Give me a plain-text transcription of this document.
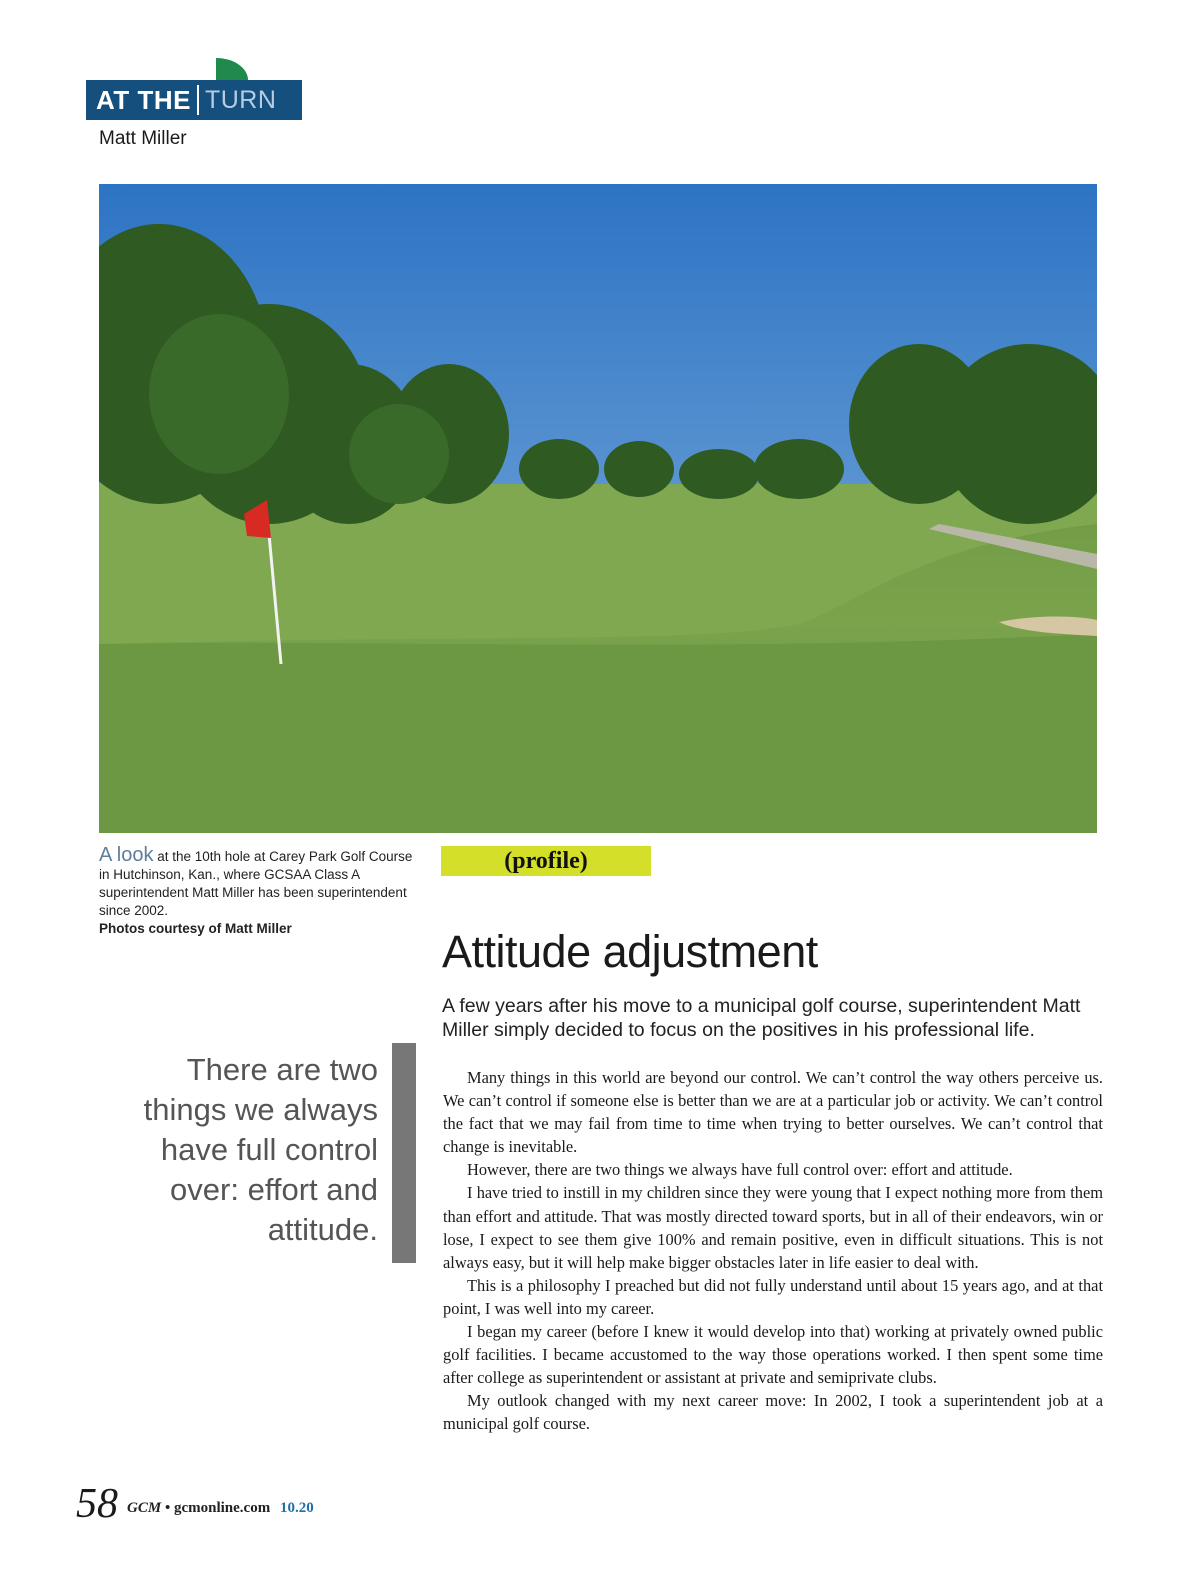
AT THE TURN
Matt Miller
A look at the 10th hole at Carey Park Golf Course in Hutchinson, Kan., where GCSAA Class A superintendent Matt Miller has been superintendent since 2002.
Photos courtesy of Matt Miller
(profile)
Attitude adjustment
A few years after his move to a municipal golf course, superintendent Matt Miller simply decided to focus on the positives in his professional life.
There are two things we always have full control over: effort and attitude.

Many things in this world are beyond our control. We can’t control the way others perceive us. We can’t control if someone else is better than we are at a particular job or activity. We can’t control the fact that we may fail from time to time when trying to better ourselves. We can’t control that change is inevitable.

However, there are two things we always have full control over: effort and attitude.

I have tried to instill in my children since they were young that I expect nothing more from them than effort and attitude. That was mostly directed toward sports, but in all of their endeavors, win or lose, I expect to see them give 100% and remain positive, even in difficult situations. This is not always easy, but it will help make bigger obstacles later in life easier to deal with.

This is a philosophy I preached but did not fully understand until about 15 years ago, and at that point, I was well into my career.

I began my career (before I knew it would develop into that) working at privately owned public golf facilities. I became accustomed to the way those operations worked. I then spent some time after college as superintendent or assistant at private and semiprivate clubs.

My outlook changed with my next career move: In 2002, I took a superintendent job at a municipal golf course.

58 GCM • gcmonline.com 10.20
